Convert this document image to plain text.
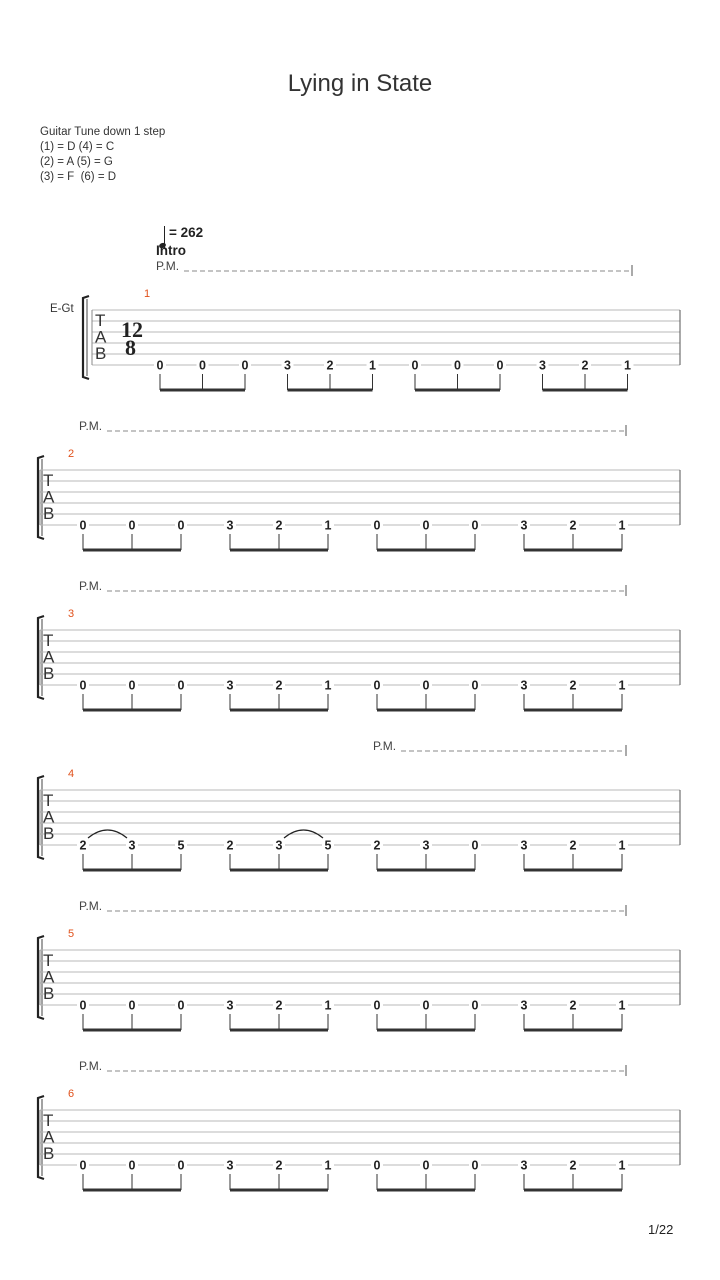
Lying in State
Guitar Tune down 1 step
(1) = D (4) = C
(2) = A (5) = G
(3) = F  (6) = D
= 262
Intro
P.M.
1
T
A
B
E-Gt
12
8
0	0	0	3	2	1	0	0	0	3	2	1
P.M.
2
T
A
B
0	0	0	3	2	1	0	0	0	3	2	1
P.M.
3
T
A
B
0	0	0	3	2	1	0	0	0	3	2	1
P.M.
4
T
A
B
2	3	5	2	3	5	2	3	0	3	2	1
P.M.
5
T
A
B
0	0	0	3	2	1	0	0	0	3	2	1
P.M.
6
T
A
B
0	0	0	3	2	1	0	0	0	3	2	1
1/22
